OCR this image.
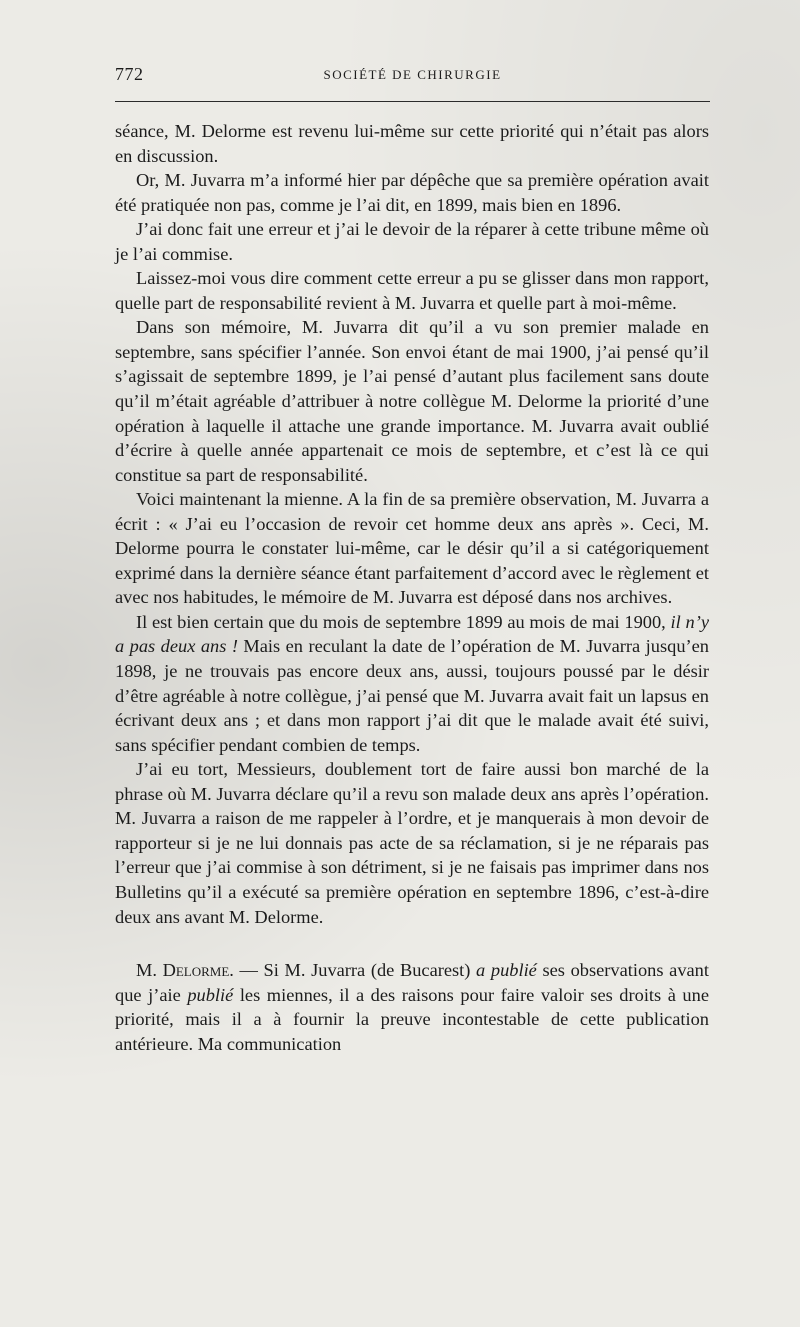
772	SOCIÉTÉ DE CHIRURGIE

séance, M. Delorme est revenu lui-même sur cette priorité qui n’était pas alors en discussion.

Or, M. Juvarra m’a informé hier par dépêche que sa première opération avait été pratiquée non pas, comme je l’ai dit, en 1899, mais bien en 1896.

J’ai donc fait une erreur et j’ai le devoir de la réparer à cette tribune même où je l’ai commise.

Laissez-moi vous dire comment cette erreur a pu se glisser dans mon rapport, quelle part de responsabilité revient à M. Juvarra et quelle part à moi-même.

Dans son mémoire, M. Juvarra dit qu’il a vu son premier malade en septembre, sans spécifier l’année. Son envoi étant de mai 1900, j’ai pensé qu’il s’agissait de septembre 1899, je l’ai pensé d’autant plus facilement sans doute qu’il m’était agréable d’attribuer à notre collègue M. Delorme la priorité d’une opération à laquelle il attache une grande importance. M. Juvarra avait oublié d’écrire à quelle année appartenait ce mois de septembre, et c’est là ce qui constitue sa part de responsabilité.

Voici maintenant la mienne. A la fin de sa première observation, M. Juvarra a écrit : « J’ai eu l’occasion de revoir cet homme deux ans après ». Ceci, M. Delorme pourra le constater lui-même, car le désir qu’il a si catégoriquement exprimé dans la dernière séance étant parfaitement d’accord avec le règlement et avec nos habitudes, le mémoire de M. Juvarra est déposé dans nos archives.

Il est bien certain que du mois de septembre 1899 au mois de mai 1900, il n’y a pas deux ans ! Mais en reculant la date de l’opération de M. Juvarra jusqu’en 1898, je ne trouvais pas encore deux ans, aussi, toujours poussé par le désir d’être agréable à notre collègue, j’ai pensé que M. Juvarra avait fait un lapsus en écrivant deux ans ; et dans mon rapport j’ai dit que le malade avait été suivi, sans spécifier pendant combien de temps.

J’ai eu tort, Messieurs, doublement tort de faire aussi bon marché de la phrase où M. Juvarra déclare qu’il a revu son malade deux ans après l’opération. M. Juvarra a raison de me rappeler à l’ordre, et je manquerais à mon devoir de rapporteur si je ne lui donnais pas acte de sa réclamation, si je ne réparais pas l’erreur que j’ai commise à son détriment, si je ne faisais pas imprimer dans nos Bulletins qu’il a exécuté sa première opération en septembre 1896, c’est-à-dire deux ans avant M. Delorme.

M. Delorme. — Si M. Juvarra (de Bucarest) a publié ses observations avant que j’aie publié les miennes, il a des raisons pour faire valoir ses droits à une priorité, mais il a à fournir la preuve incontestable de cette publication antérieure. Ma communication
